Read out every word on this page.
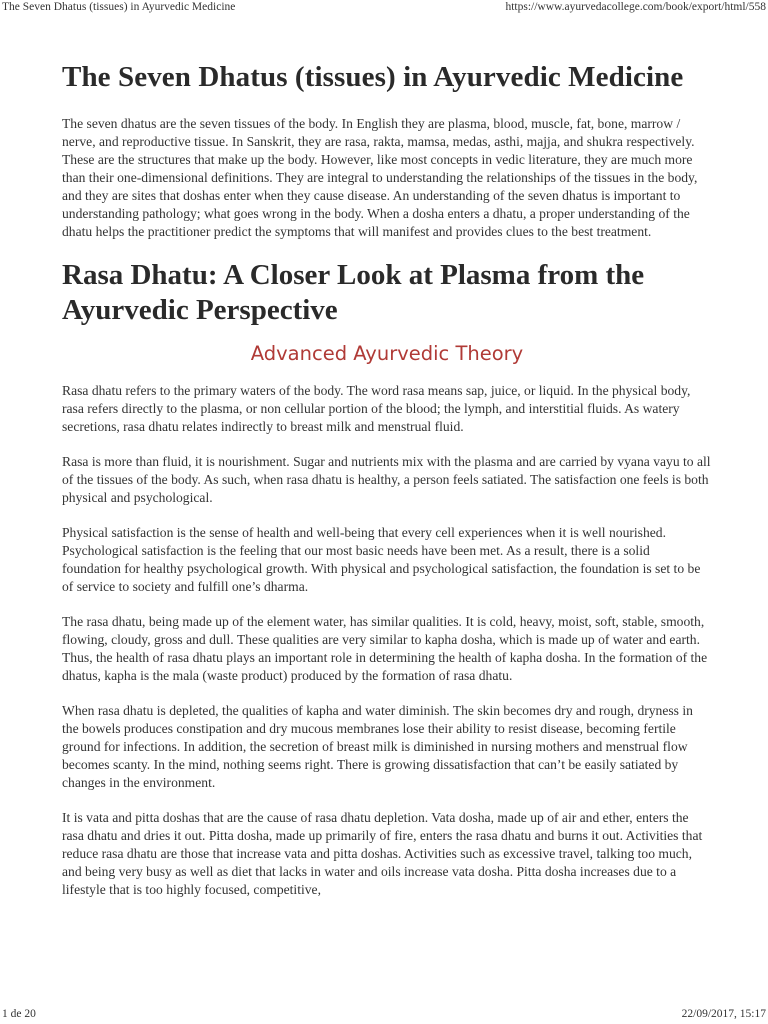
The Seven Dhatus (tissues) in Ayurvedic Medicine	https://www.ayurvedacollege.com/book/export/html/558
The Seven Dhatus (tissues) in Ayurvedic Medicine

The seven dhatus are the seven tissues of the body. In English they are plasma, blood, muscle, fat, bone, marrow / nerve, and reproductive tissue. In Sanskrit, they are rasa, rakta, mamsa, medas, asthi, majja, and shukra respectively. These are the structures that make up the body. However, like most concepts in vedic literature, they are much more than their one-dimensional definitions. They are integral to understanding the relationships of the tissues in the body, and they are sites that doshas enter when they cause disease. An understanding of the seven dhatus is important to understanding pathology; what goes wrong in the body. When a dosha enters a dhatu, a proper understanding of the dhatu helps the practitioner predict the symptoms that will manifest and provides clues to the best treatment.

Rasa Dhatu: A Closer Look at Plasma from the Ayurvedic Perspective
Advanced Ayurvedic Theory

Rasa dhatu refers to the primary waters of the body. The word rasa means sap, juice, or liquid. In the physical body, rasa refers directly to the plasma, or non cellular portion of the blood; the lymph, and interstitial fluids. As watery secretions, rasa dhatu relates indirectly to breast milk and menstrual fluid.

Rasa is more than fluid, it is nourishment. Sugar and nutrients mix with the plasma and are carried by vyana vayu to all of the tissues of the body. As such, when rasa dhatu is healthy, a person feels satiated. The satisfaction one feels is both physical and psychological.

Physical satisfaction is the sense of health and well-being that every cell experiences when it is well nourished. Psychological satisfaction is the feeling that our most basic needs have been met. As a result, there is a solid foundation for healthy psychological growth. With physical and psychological satisfaction, the foundation is set to be of service to society and fulfill one’s dharma.

The rasa dhatu, being made up of the element water, has similar qualities. It is cold, heavy, moist, soft, stable, smooth, flowing, cloudy, gross and dull. These qualities are very similar to kapha dosha, which is made up of water and earth. Thus, the health of rasa dhatu plays an important role in determining the health of kapha dosha. In the formation of the dhatus, kapha is the mala (waste product) produced by the formation of rasa dhatu.

When rasa dhatu is depleted, the qualities of kapha and water diminish. The skin becomes dry and rough, dryness in the bowels produces constipation and dry mucous membranes lose their ability to resist disease, becoming fertile ground for infections. In addition, the secretion of breast milk is diminished in nursing mothers and menstrual flow becomes scanty. In the mind, nothing seems right. There is growing dissatisfaction that can’t be easily satiated by changes in the environment.

It is vata and pitta doshas that are the cause of rasa dhatu depletion. Vata dosha, made up of air and ether, enters the rasa dhatu and dries it out. Pitta dosha, made up primarily of fire, enters the rasa dhatu and burns it out. Activities that reduce rasa dhatu are those that increase vata and pitta doshas. Activities such as excessive travel, talking too much, and being very busy as well as diet that lacks in water and oils increase vata dosha. Pitta dosha increases due to a lifestyle that is too highly focused, competitive,

1 de 20	22/09/2017, 15:17
